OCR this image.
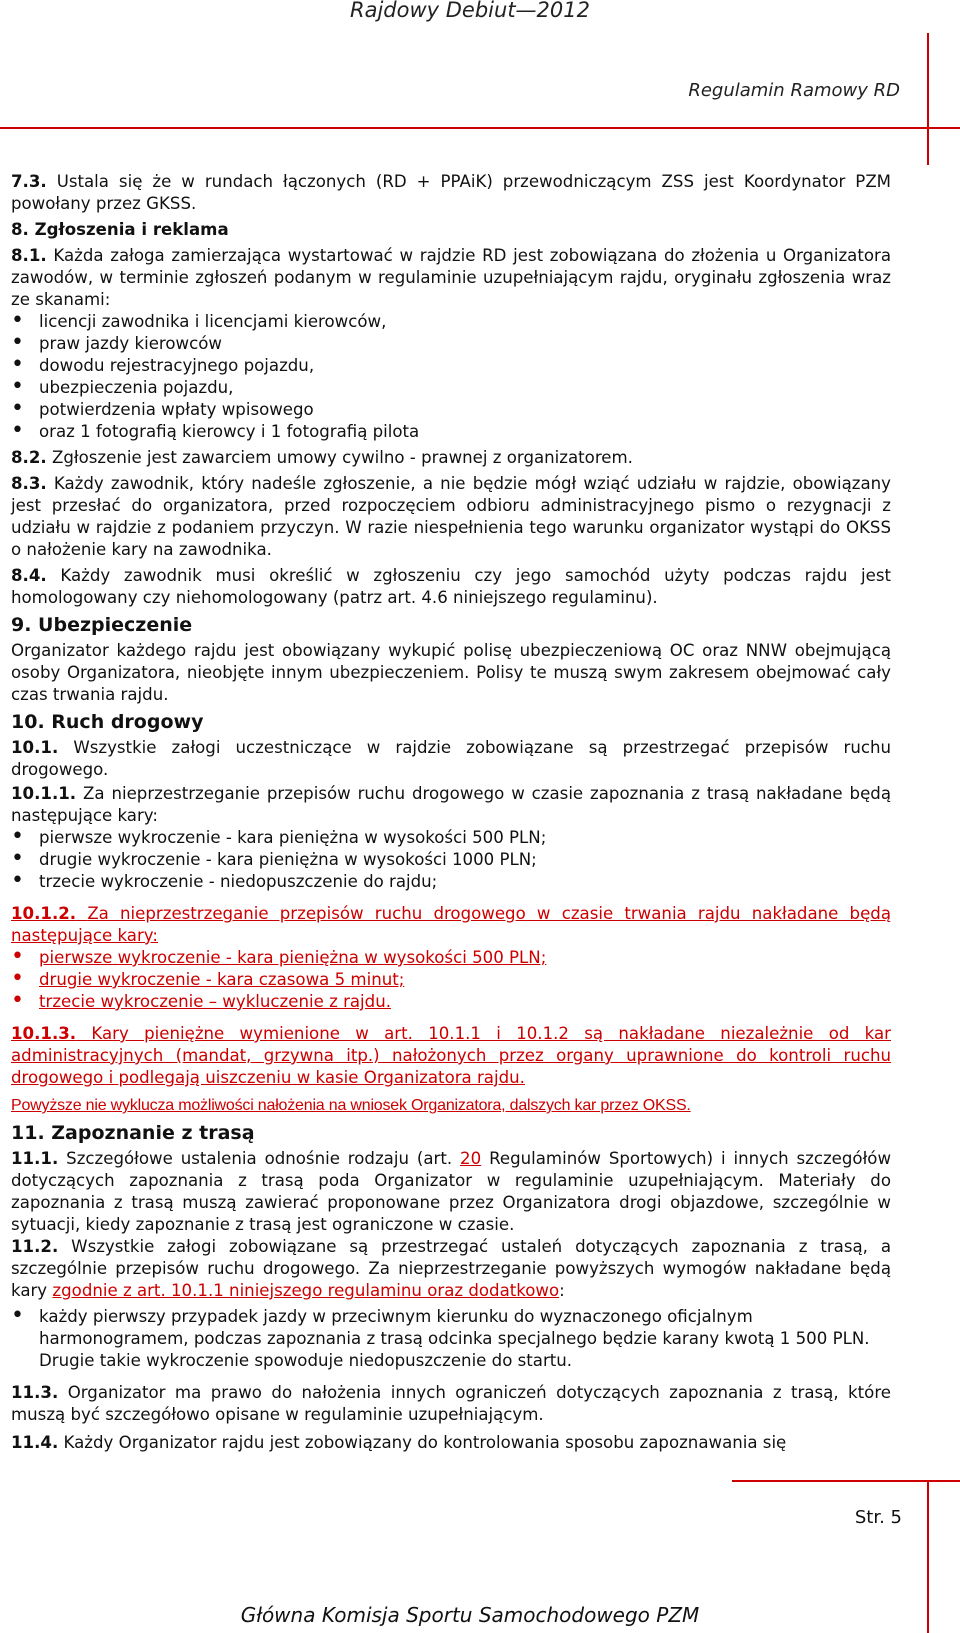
Rajdowy Debiut—2012
Regulamin Ramowy RD

7.3. Ustala się że w rundach łączonych (RD + PPAiK) przewodniczącym ZSS jest Koordynator PZM powołany przez GKSS.

8. Zgłoszenia i reklama

8.1. Każda załoga zamierzająca wystartować w rajdzie RD jest zobowiązana do złożenia u Organizatora zawodów, w terminie zgłoszeń podanym w regulaminie uzupełniającym rajdu, oryginału zgłoszenia wraz ze skanami:

• licencji zawodnika i licencjami kierowców,
• praw jazdy kierowców
• dowodu rejestracyjnego pojazdu,
• ubezpieczenia pojazdu,
• potwierdzenia wpłaty wpisowego
• oraz 1 fotografią kierowcy i 1 fotografią pilota

8.2. Zgłoszenie jest zawarciem umowy cywilno - prawnej z organizatorem.

8.3. Każdy zawodnik, który nadeśle zgłoszenie, a nie będzie mógł wziąć udziału w rajdzie, obowiązany jest przesłać do organizatora, przed rozpoczęciem odbioru administracyjnego pismo o rezygnacji z udziału w rajdzie z podaniem przyczyn. W razie niespełnienia tego warunku organizator wystąpi do OKSS o nałożenie kary na zawodnika.

8.4. Każdy zawodnik musi określić w zgłoszeniu czy jego samochód użyty podczas rajdu jest homologowany czy niehomologowany (patrz art. 4.6 niniejszego regulaminu).

9. Ubezpieczenie

Organizator każdego rajdu jest obowiązany wykupić polisę ubezpieczeniową OC oraz NNW obejmującą osoby Organizatora, nieobjęte innym ubezpieczeniem. Polisy te muszą swym zakresem obejmować cały czas trwania rajdu.

10. Ruch drogowy

10.1. Wszystkie załogi uczestniczące w rajdzie zobowiązane są przestrzegać przepisów ruchu drogowego.

10.1.1. Za nieprzestrzeganie przepisów ruchu drogowego w czasie zapoznania z trasą nakładane będą następujące kary:

• pierwsze wykroczenie - kara pieniężna w wysokości 500 PLN;
• drugie wykroczenie - kara pieniężna w wysokości 1000 PLN;
• trzecie wykroczenie - niedopuszczenie do rajdu;

10.1.2. Za nieprzestrzeganie przepisów ruchu drogowego w czasie trwania rajdu nakładane będą następujące kary:

• pierwsze wykroczenie - kara pieniężna w wysokości 500 PLN;
• drugie wykroczenie - kara czasowa 5 minut;
• trzecie wykroczenie – wykluczenie z rajdu.

10.1.3. Kary pieniężne wymienione w art. 10.1.1 i 10.1.2 są nakładane niezależnie od kar administracyjnych (mandat, grzywna itp.) nałożonych przez organy uprawnione do kontroli ruchu drogowego i podlegają uiszczeniu w kasie Organizatora rajdu.

Powyższe nie wyklucza możliwości nałożenia na wniosek Organizatora, dalszych kar przez OKSS.

11. Zapoznanie z trasą

11.1. Szczegółowe ustalenia odnośnie rodzaju (art. 20 Regulaminów Sportowych) i innych szczegółów dotyczących zapoznania z trasą poda Organizator w regulaminie uzupełniającym. Materiały do zapoznania z trasą muszą zawierać proponowane przez Organizatora drogi objazdowe, szczególnie w sytuacji, kiedy zapoznanie z trasą jest ograniczone w czasie.

11.2. Wszystkie załogi zobowiązane są przestrzegać ustaleń dotyczących zapoznania z trasą, a szczególnie przepisów ruchu drogowego. Za nieprzestrzeganie powyższych wymogów nakładane będą kary zgodnie z art. 10.1.1 niniejszego regulaminu oraz dodatkowo:

• każdy pierwszy przypadek jazdy w przeciwnym kierunku do wyznaczonego oficjalnym harmonogramem, podczas zapoznania z trasą odcinka specjalnego będzie karany kwotą 1 500 PLN. Drugie takie wykroczenie spowoduje niedopuszczenie do startu.

11.3. Organizator ma prawo do nałożenia innych ograniczeń dotyczących zapoznania z trasą, które muszą być szczegółowo opisane w regulaminie uzupełniającym.

11.4. Każdy Organizator rajdu jest zobowiązany do kontrolowania sposobu zapoznawania się

Str. 5
Główna Komisja Sportu Samochodowego PZM
